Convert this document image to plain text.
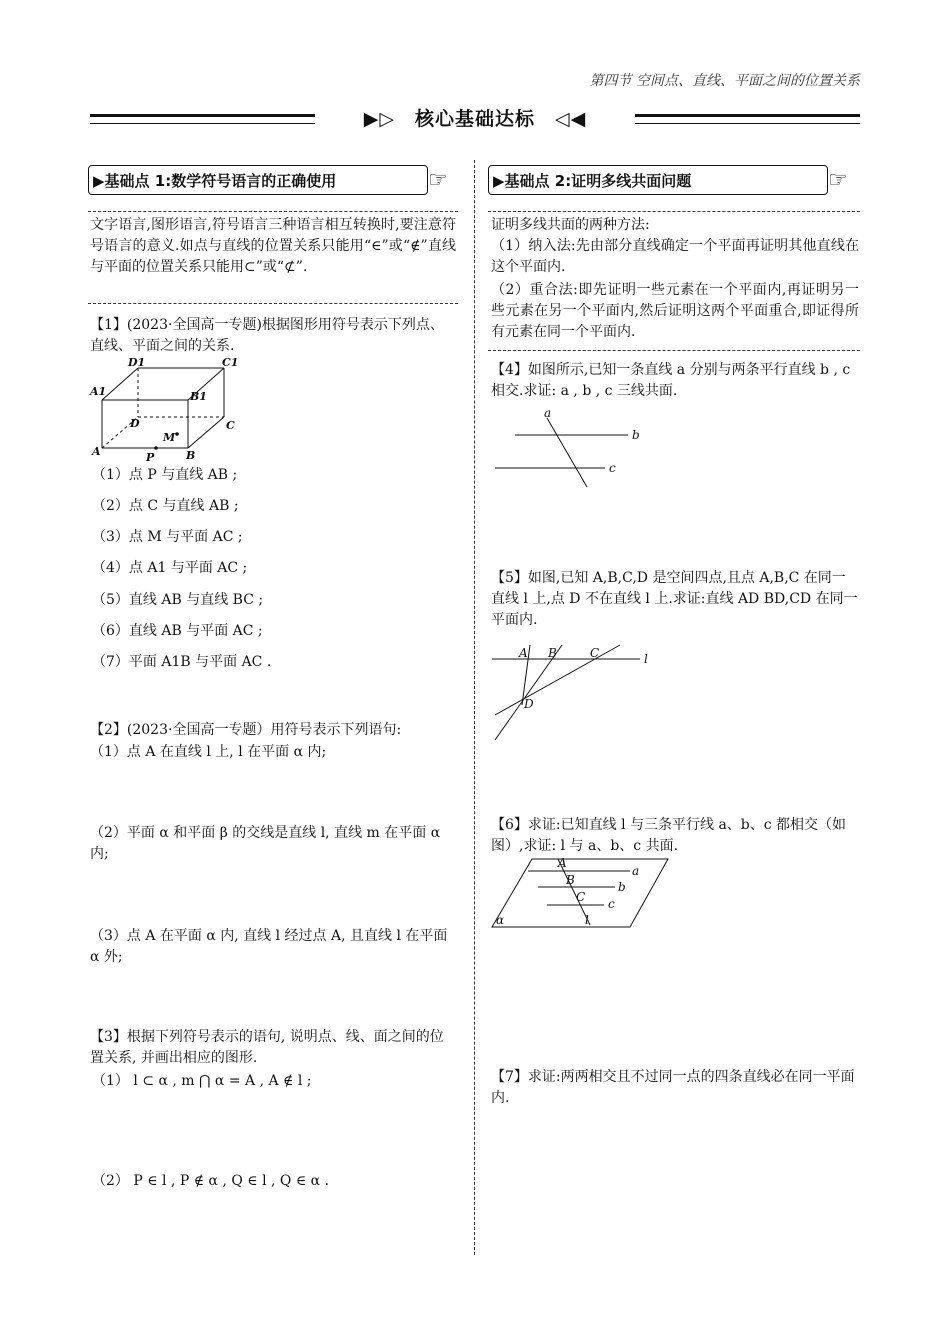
第四节 空间点、直线、平面之间的位置关系
▶▷　核心基础达标　◁◀
▶基础点 1:数学符号语言的正确使用	☞
文字语言,图形语言,符号语言三种语言相互转换时,要注意符号语言的意义.如点与直线的位置关系只能用“∈”或“∉”直线与平面的位置关系只能用⊂”或“⊄”.
【1】(2023·全国高一专题)根据图形用符号表示下列点、直线、平面之间的关系.
D1	C1
A1	B1
D	C
M
A	P	B
（1）点 P 与直线 AB ;
（2）点 C 与直线 AB ;
（3）点 M 与平面 AC ;
（4）点 A1 与平面 AC ;
（5）直线 AB 与直线 BC ;
（6）直线 AB 与平面 AC ;
（7）平面 A1B 与平面 AC .
【2】(2023·全国高一专题）用符号表示下列语句:
（1）点 A 在直线 l 上, l 在平面 α 内;
（2）平面 α 和平面 β 的交线是直线 l, 直线 m 在平面 α 内;
（3）点 A 在平面 α 内, 直线 l 经过点 A, 且直线 l 在平面 α 外;
【3】根据下列符号表示的语句, 说明点、线、面之间的位置关系, 并画出相应的图形.
（1） l ⊂ α , m ⋂ α = A , A ∉ l ;
（2） P ∈ l , P ∉ α , Q ∈ l , Q ∈ α .
▶基础点 2:证明多线共面问题	☞
证明多线共面的两种方法:
（1）纳入法:先由部分直线确定一个平面再证明其他直线在这个平面内.
（2）重合法:即先证明一些元素在一个平面内,再证明另一些元素在另一个平面内,然后证明这两个平面重合,即证得所有元素在同一个平面内.
【4】如图所示,已知一条直线 a 分别与两条平行直线 b , c 相交.求证: a , b , c 三线共面.
a
b
c
【5】如图,已知 A,B,C,D 是空间四点,且点 A,B,C 在同一直线 l 上,点 D 不在直线 l 上.求证:直线 AD BD,CD 在同一平面内.
A B	C	l
D
【6】求证:已知直线 l 与三条平行线 a、b、c 都相交（如图）,求证: l 与 a、b、c 共面.
A
a
B	b
C c
α	l
【7】求证:两两相交且不过同一点的四条直线必在同一平面内.
